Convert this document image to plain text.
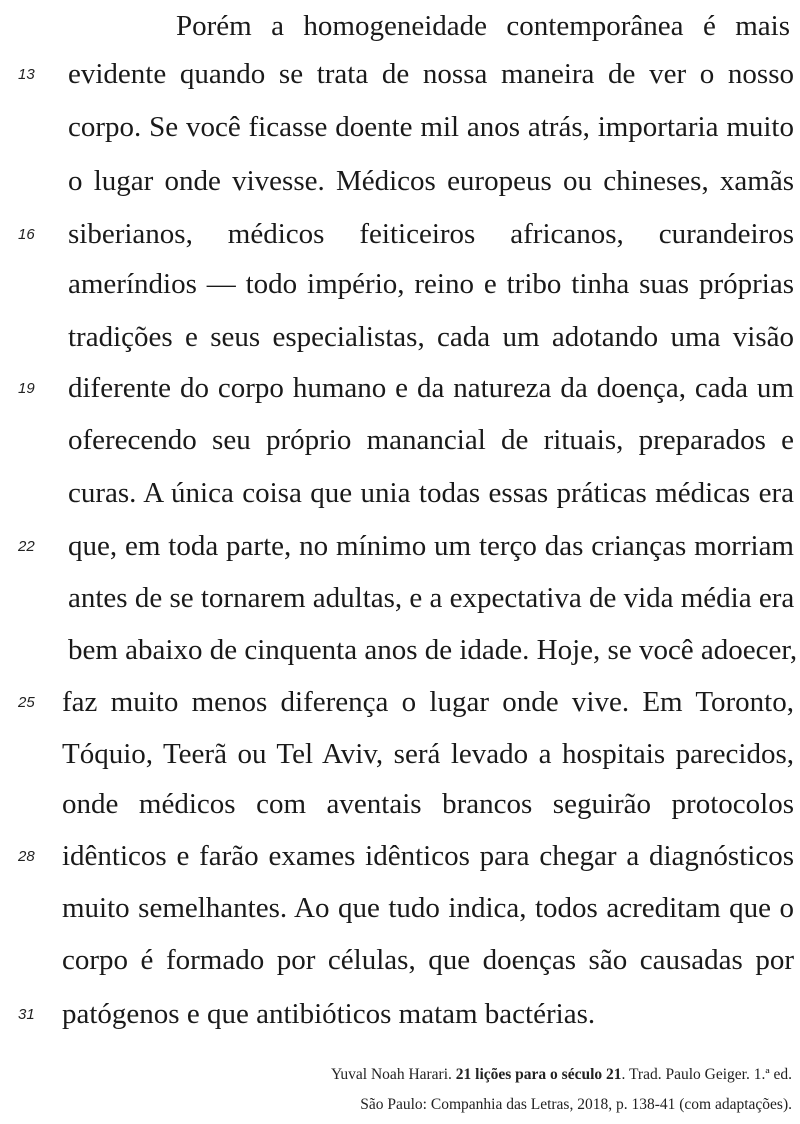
Porém a homogeneidade contemporânea é mais
13	evidente quando se trata de nossa maneira de ver o nosso
corpo. Se você ficasse doente mil anos atrás, importaria muito
o lugar onde vivesse. Médicos europeus ou chineses, xamãs
16	siberianos, médicos feiticeiros africanos, curandeiros
ameríndios — todo império, reino e tribo tinha suas próprias
tradições e seus especialistas, cada um adotando uma visão
19	diferente do corpo humano e da natureza da doença, cada um
oferecendo seu próprio manancial de rituais, preparados e
curas. A única coisa que unia todas essas práticas médicas era
22	que, em toda parte, no mínimo um terço das crianças morriam
antes de se tornarem adultas, e a expectativa de vida média era
bem abaixo de cinquenta anos de idade. Hoje, se você adoecer,
25 faz muito menos diferença o lugar onde vive. Em Toronto,
Tóquio, Teerã ou Tel Aviv, será levado a hospitais parecidos,
onde médicos com aventais brancos seguirão protocolos
28 idênticos e farão exames idênticos para chegar a diagnósticos
muito semelhantes. Ao que tudo indica, todos acreditam que o
corpo é formado por células, que doenças são causadas por
31 patógenos e que antibióticos matam bactérias.
Yuval Noah Harari. 21 lições para o século 21. Trad. Paulo Geiger. 1.ª ed.
São Paulo: Companhia das Letras, 2018, p. 138-41 (com adaptações).
